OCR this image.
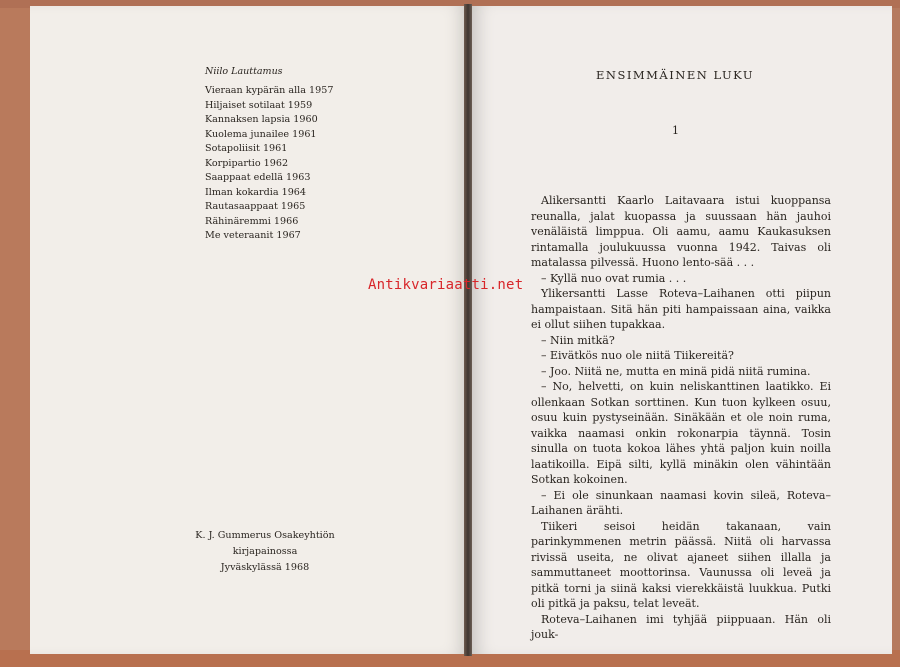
Niilo Lauttamus
Vieraan kypärän alla 1957
Hiljaiset sotilaat 1959
Kannaksen lapsia 1960
Kuolema junailee 1961
Sotapoliisit 1961
Korpipartio 1962
Saappaat edellä 1963
Ilman kokardia 1964
Rautasaappaat 1965
Rähinäremmi 1966
Me veteraanit 1967
K. J. Gummerus Osakeyhtiön kirjapainossa
Jyväskylässä 1968
ENSIMMÄINEN LUKU
1

Alikersantti Kaarlo Laitavaara istui kuoppansa reunalla, jalat kuopassa ja suussaan hän jauhoi venäläistä limppua. Oli aamu, aamu Kaukasuksen rintamalla joulukuussa vuonna 1942. Taivas oli matalassa pilvessä. Huono lento-sää . . .

– Kyllä nuo ovat rumia . . .

Ylikersantti Lasse Roteva–Laihanen otti piipun hampaistaan. Sitä hän piti hampaissaan aina, vaikka ei ollut siihen tupakkaa.

– Niin mitkä?

– Eivätkös nuo ole niitä Tiikereitä?

– Joo. Niitä ne, mutta en minä pidä niitä rumina.

– No, helvetti, on kuin neliskanttinen laatikko. Ei ollenkaan Sotkan sorttinen. Kun tuon kylkeen osuu, osuu kuin pystyseinään. Sinäkään et ole noin ruma, vaikka naamasi onkin rokonarpia täynnä. Tosin sinulla on tuota kokoa lähes yhtä paljon kuin noilla laatikoilla. Eipä silti, kyllä minäkin olen vähintään Sotkan kokoinen.

– Ei ole sinunkaan naamasi kovin sileä, Roteva–Laihanen ärähti.

Tiikeri seisoi heidän takanaan, vain parinkymmenen metrin päässä. Niitä oli harvassa rivissä useita, ne olivat ajaneet siihen illalla ja sammuttaneet moottorinsa. Vaunussa oli leveä ja pitkä torni ja siinä kaksi vierekkäistä luukkua. Putki oli pitkä ja paksu, telat leveät.

Roteva–Laihanen imi tyhjää piippuaan. Hän oli jouk-

Antikvariaatti.net
